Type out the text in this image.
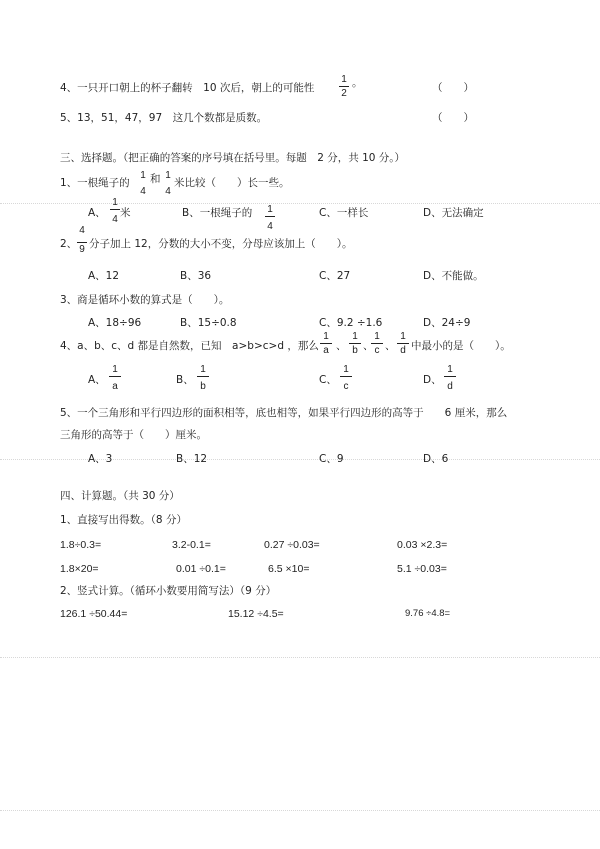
4、一只开口朝上的杯子翻转　10 次后，朝上的可能性
1
2
。	（　　）
5、13，51，47，97　这几个数都是质数。	（　　）
三、选择题。（把正确的答案的序号填在括号里。每题　2 分，共 10 分。）
1、一根绳子的
1
4
和 1
4
米比较（　　）长一些。
A、
1
4
米	B、一根绳子的 1
4
C、一样长	D、无法确定
2、
4
9 分子加上 12，分数的大小不变，分母应该加上（　　）。
A、12	B、36	C、27	D、不能做。
3、商是循环小数的算式是（　　）。
A、18÷96	B、15÷0.8	C、9.2 ÷1.6	D、24÷9
4、a、b、c、d 都是自然数，已知　a>b>c>d ，那么
1
a 、
1
b 、
1
c 、
1
d 中最小的是（　　）。
A、
1
a
B、
1
b
C、
1
c
D、
1
d
5、一个三角形和平行四边形的面积相等，底也相等，如果平行四边形的高等于　　6 厘米，那么
三角形的高等于（　　）厘米。
A、3	B、12	C、9	D、6
四、计算题。（共 30 分）
1、直接写出得数。（8 分）
1.8÷0.3=	3.2-0.1=	0.27 ÷0.03=	0.03 ×2.3=
1.8×20=	0.01 ÷0.1=	6.5 ×10=	5.1 ÷0.03=
2、竖式计算。（循环小数要用简写法）（9 分）
126.1 ÷50.44=	15.12 ÷4.5=	9.76 ÷4.8=
